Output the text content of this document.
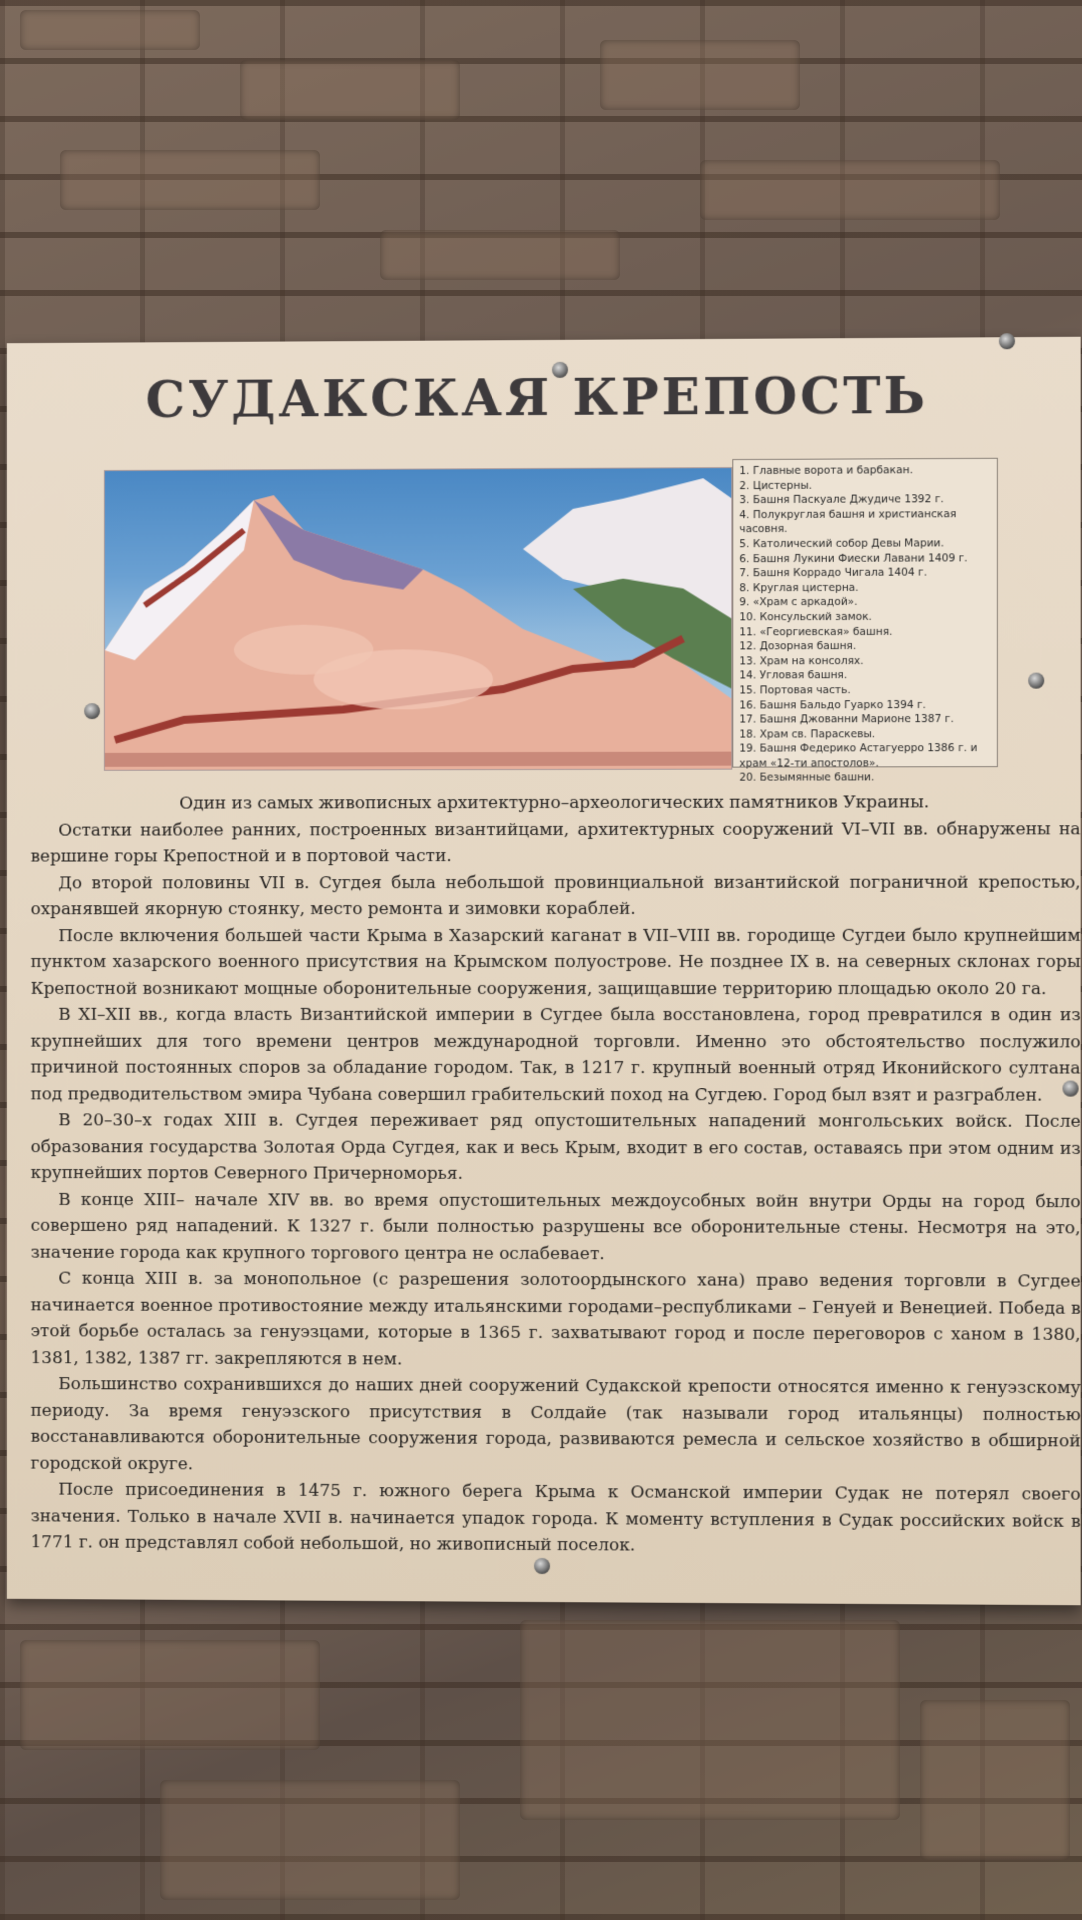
СУДАКСКАЯ КРЕПОСТЬ
1. Главные ворота и барбакан.
2. Цистерны.
3. Башня Паскуале Джудиче 1392 г.
4. Полукруглая башня и христианская часовня.
5. Католический собор Девы Марии.
6. Башня Лукини Фиески Лавани 1409 г.
7. Башня Коррадо Чигала 1404 г.
8. Круглая цистерна.
9. «Храм с аркадой».
10. Консульский замок.
11. «Георгиевская» башня.
12. Дозорная башня.
13. Храм на консолях.
14. Угловая башня.
15. Портовая часть.
16. Башня Бальдо Гуарко 1394 г.
17. Башня Джованни Марионе 1387 г.
18. Храм св. Параскевы.
19. Башня Федерико Астагуерро 1386 г. и храм «12-ти апостолов».
20. Безымянные башни.

Один из самых живописных архитектурно–археологических памятников Украины.

Остатки наиболее ранних, построенных византийцами, архитектурных сооружений VI–VII вв. обнаружены на вершине горы Крепостной и в портовой части.

До второй половины VII в. Сугдея была небольшой провинциальной византийской пограничной крепостью, охранявшей якорную стоянку, место ремонта и зимовки кораблей.

После включения большей части Крыма в Хазарский каганат в VII–VIII вв. городище Сугдеи было крупнейшим пунктом хазарского военного присутствия на Крымском полуострове. Не позднее IX в. на северных склонах горы Крепостной возникают мощные оборонительные сооружения, защищавшие территорию площадью около 20 га.

В XI–XII вв., когда власть Византийской империи в Сугдее была восстановлена, город превратился в один из крупнейших для того времени центров международной торговли. Именно это обстоятельство послужило причиной постоянных споров за обладание городом. Так, в 1217 г. крупный военный отряд Иконийского султана под предводительством эмира Чубана совершил грабительский поход на Сугдею. Город был взят и разграблен.

В 20–30–х годах XIII в. Сугдея переживает ряд опустошительных нападений монгольських войск. После образования государства Золотая Орда Сугдея, как и весь Крым, входит в его состав, оставаясь при этом одним из крупнейших портов Северного Причерноморья.

В конце XIII– начале XIV вв. во время опустошительных междоусобных войн внутри Орды на город было совершено ряд нападений. К 1327 г. были полностью разрушены все оборонительные стены. Несмотря на это, значение города как крупного торгового центра не ослабевает.

С конца XIII в. за монопольное (с разрешения золотоордынского хана) право ведения торговли в Сугдее начинается военное противостояние между итальянскими городами–республиками – Генуей и Венецией. Победа в этой борьбе осталась за генуэзцами, которые в 1365 г. захватывают город и после переговоров с ханом в 1380, 1381, 1382, 1387 гг. закрепляются в нем.

Большинство сохранившихся до наших дней сооружений Судакской крепости относятся именно к генуэзскому периоду. За время генуэзского присутствия в Солдайе (так называли город итальянцы) полностью восстанавливаются оборонительные сооружения города, развиваются ремесла и сельское хозяйство в обширной городской округе.

После присоединения в 1475 г. южного берега Крыма к Османской империи Судак не потерял своего значения. Только в начале XVII в. начинается упадок города. К моменту вступления в Судак российских войск в 1771 г. он представлял собой небольшой, но живописный поселок.
